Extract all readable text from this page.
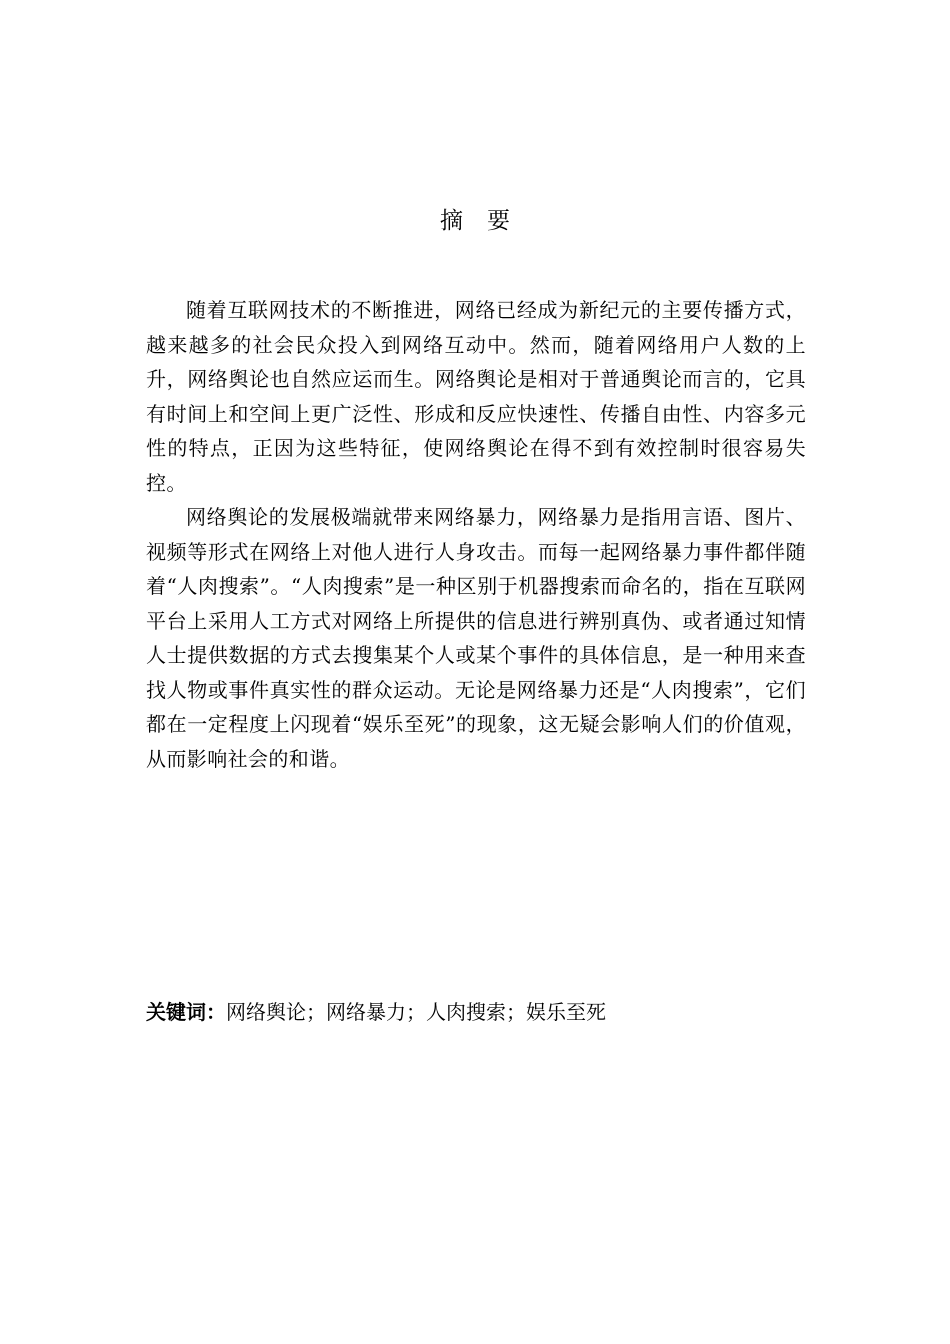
摘要

随着互联网技术的不断推进，网络已经成为新纪元的主要传播方式，越来越多的社会民众投入到网络互动中。然而，随着网络用户人数的上升，网络舆论也自然应运而生。网络舆论是相对于普通舆论而言的，它具有时间上和空间上更广泛性、形成和反应快速性、传播自由性、内容多元性的特点，正因为这些特征，使网络舆论在得不到有效控制时很容易失控。

网络舆论的发展极端就带来网络暴力，网络暴力是指用言语、图片、视频等形式在网络上对他人进行人身攻击。而每一起网络暴力事件都伴随着“人肉搜索”。“人肉搜索”是一种区别于机器搜索而命名的，指在互联网平台上采用人工方式对网络上所提供的信息进行辨别真伪、或者通过知情人士提供数据的方式去搜集某个人或某个事件的具体信息，是一种用来查找人物或事件真实性的群众运动。无论是网络暴力还是“人肉搜索”，它们都在一定程度上闪现着“娱乐至死”的现象，这无疑会影响人们的价值观，从而影响社会的和谐。

关键词：网络舆论；网络暴力；人肉搜索；娱乐至死
